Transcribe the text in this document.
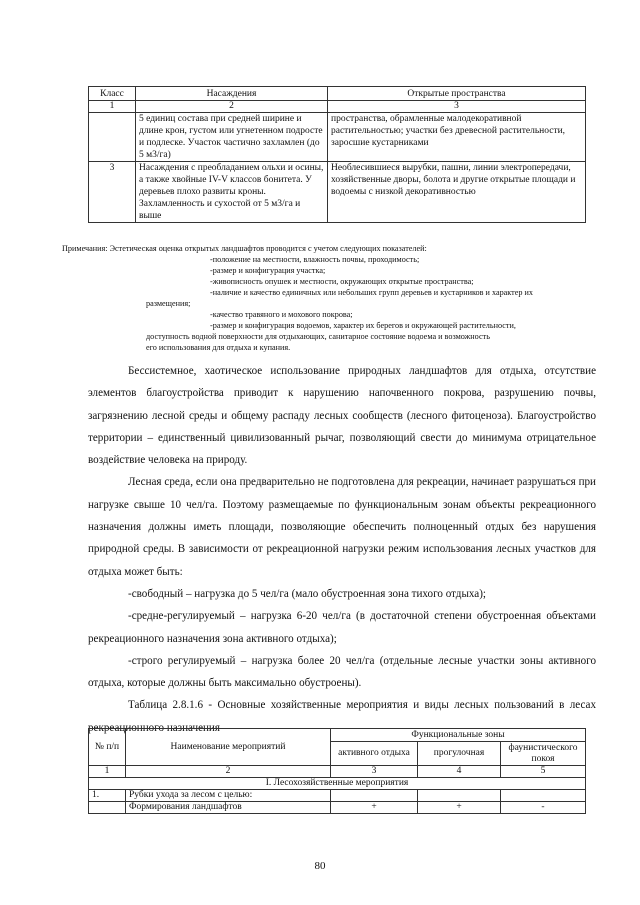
Класс	Насаждения	Открытые пространства
1	2	3
	5 единиц состава при средней ширине и длине крон, густом или угнетенном подросте и подлеске. Участок частично захламлен (до 5 м3/га)	пространства, обрамленные малодекоративной растительностью; участки без древесной растительности, заросшие кустарниками
3	Насаждения с преобладанием ольхи и осины, а также хвойные IV-V классов бонитета. У деревьев плохо развиты кроны. Захламленность и сухостой от 5 м3/га и выше	Необлесившиеся вырубки, пашни, линии электропередачи, хозяйственные дворы, болота и другие открытые площади и водоемы с низкой декоративностью
Примечания: Эстетическая оценка открытых ландшафтов проводится с учетом следующих показателей:
-положение на местности, влажность почвы, проходимость;
-размер и конфигурация участка;
-живописность опушек и местности, окружающих открытые пространства;
-наличие и качество единичных или небольших групп деревьев и кустарников и характер их
размещения;
-качество травяного и мохового покрова;
-размер и конфигурация водоемов, характер их берегов и окружающей растительности,
доступность водной поверхности для отдыхающих, санитарное состояние водоема и возможность
его использования для отдыха и купания.

Бессистемное, хаотическое использование природных ландшафтов для отдыха, отсутствие элементов благоустройства приводит к нарушению напочвенного покрова, разрушению почвы, загрязнению лесной среды и общему распаду лесных сообществ (лесного фитоценоза). Благоустройство территории – единственный цивилизованный рычаг, позволяющий свести до минимума отрицательное воздействие человека на природу.

Лесная среда, если она предварительно не подготовлена для рекреации, начинает разрушаться при нагрузке свыше 10 чел/га. Поэтому размещаемые по функциональным зонам объекты рекреационного назначения должны иметь площади, позволяющие обеспечить полноценный отдых без нарушения природной среды. В зависимости от рекреационной нагрузки режим использования лесных участков для отдыха может быть:

-свободный – нагрузка до 5 чел/га (мало обустроенная зона тихого отдыха);

-средне-регулируемый – нагрузка 6-20 чел/га (в достаточной степени обустроенная объектами рекреационного назначения зона активного отдыха);

-строго регулируемый – нагрузка более 20 чел/га (отдельные лесные участки зоны активного отдыха, которые должны быть максимально обустроены).

Таблица 2.8.1.6 - Основные хозяйственные мероприятия и виды лесных пользований в лесах рекреационного назначения

№ п/п	Наименование мероприятий	Функциональные зоны		
		активного отдыха	прогулочная	фаунистического покоя
1	2	3	4	5
I. Лесохозяйственные мероприятия				
1.	Рубки ухода за лесом с целью:			
	Формирования ландшафтов	+	+	-
80
